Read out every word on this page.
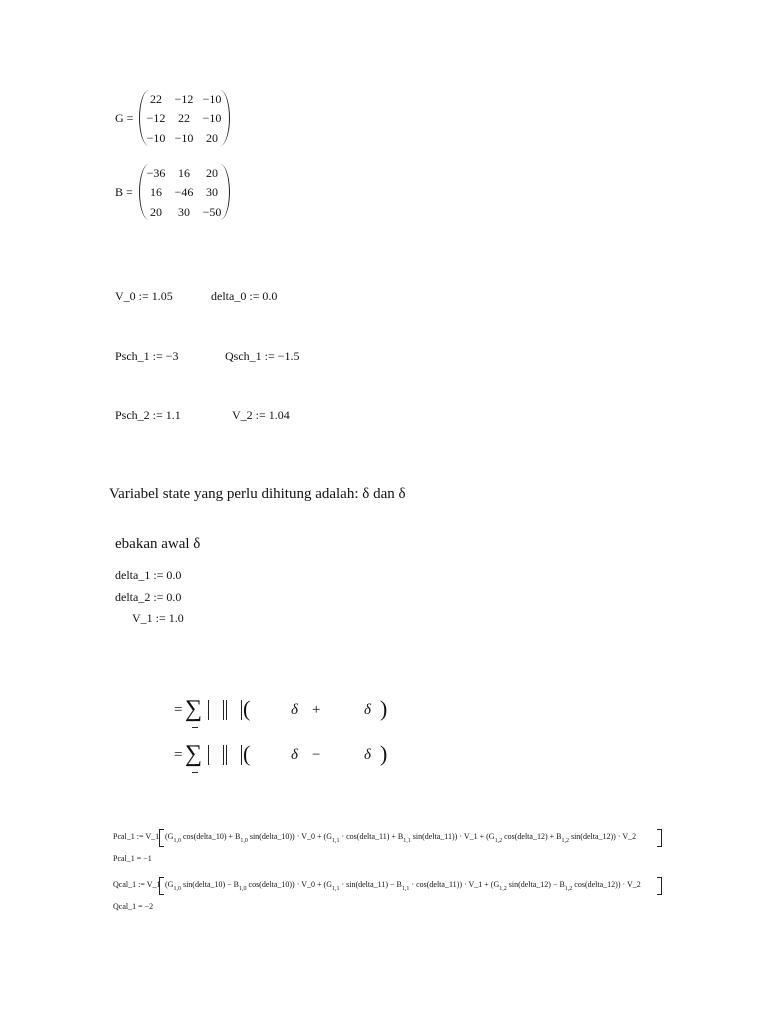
G =
22	−12 −10
−12	22	−10
−10 −10	20
B =
−36	16	20
16	−46	30
20	30	−50
V_0 := 1.05	delta_0 := 0.0
Psch_1 := −3	Qsch_1 := −1.5
Psch_2 := 1.1	V_2 := 1.04
Variabel state yang perlu dihitung adalah: δ dan δ
ebakan awal δ
delta_1 := 0.0
delta_2 := 0.0
V_1 := 1.0
= ∑ (	δ +	δ )
= ∑ (	δ −	δ )
Pcal_1 := V_1 ($G_{1,0}$ cos(delta_10) + $B_{1,0}$ sin(delta_10)) · V_0 + ($G_{1,1}$ · cos(delta_11) + $B_{1,1}$ sin(delta_11)) · V_1 + ($G_{1,2}$ cos(delta_12) + $B_{1,2}$ sin(delta_12)) · V_2
Pcal_1 = −1
Qcal_1 := V_1 ($G_{1,0}$ sin(delta_10) − $B_{1,0}$ cos(delta_10)) · V_0 + ($G_{1,1}$ · sin(delta_11) − $B_{1,1}$ · cos(delta_11)) · V_1 + ($G_{1,2}$ sin(delta_12) − $B_{1,2}$ cos(delta_12)) · V_2
Qcal_1 = −2
